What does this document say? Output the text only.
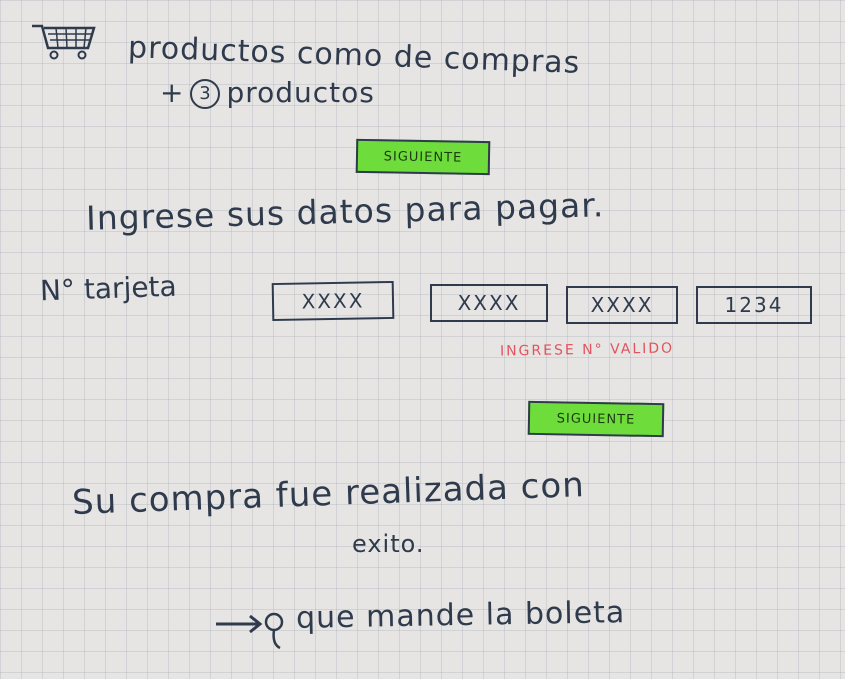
productos como de compras
+ 3 productos
SIGUIENTE
Ingrese sus datos para pagar.
N° tarjeta	XXXX	XXXX	XXXX	1234
INGRESE N° VALIDO
SIGUIENTE
Su compra fue realizada con
exito.
que mande la boleta
